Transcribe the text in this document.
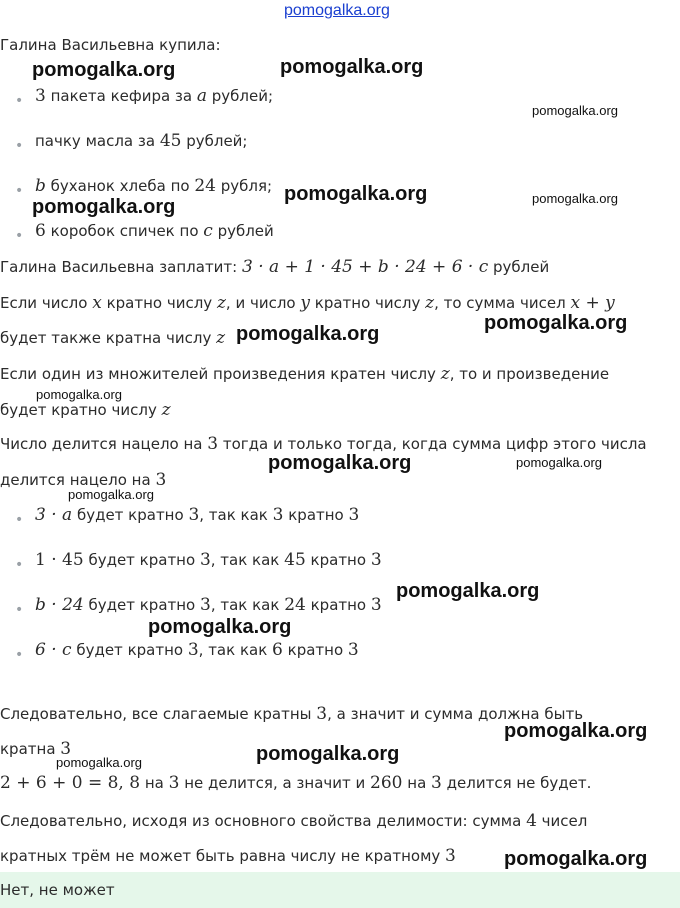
pomogalka.org
Галина Васильевна купила:
• 3 пакета кефира за a рублей;
• пачку масла за 45 рублей;
• b буханок хлеба по 24 рубля;
• 6 коробок спичек по c рублей
Галина Васильевна заплатит: 3 · a + 1 · 45 + b · 24 + 6 · c рублей
Если число x кратно числу z, и число y кратно числу z, то сумма чисел x + y
будет также кратна числу z
Если один из множителей произведения кратен числу z, то и произведение
будет кратно числу z
Число делится нацело на 3 тогда и только тогда, когда сумма цифр этого числа
делится нацело на 3
• 3 · a будет кратно 3, так как 3 кратно 3
• 1 · 45 будет кратно 3, так как 45 кратно 3
• b · 24 будет кратно 3, так как 24 кратно 3
• 6 · c будет кратно 3, так как 6 кратно 3
Следовательно, все слагаемые кратны 3, а значит и сумма должна быть
кратна 3
2 + 6 + 0 = 8, 8 на 3 не делится, а значит и 260 на 3 делится не будет.
Следовательно, исходя из основного свойства делимости: сумма 4 чисел
кратных трём не может быть равна числу не кратному 3
Нет, не может
pomogalka.org	pomogalka.org
pomogalka.org
pomogalka.org	pomogalka.org
pomogalka.org
pomogalka.org
pomogalka.org
pomogalka.org
pomogalka.org	pomogalka.org
pomogalka.org
pomogalka.org
pomogalka.org
pomogalka.org
pomogalka.org
pomogalka.org
pomogalka.org
